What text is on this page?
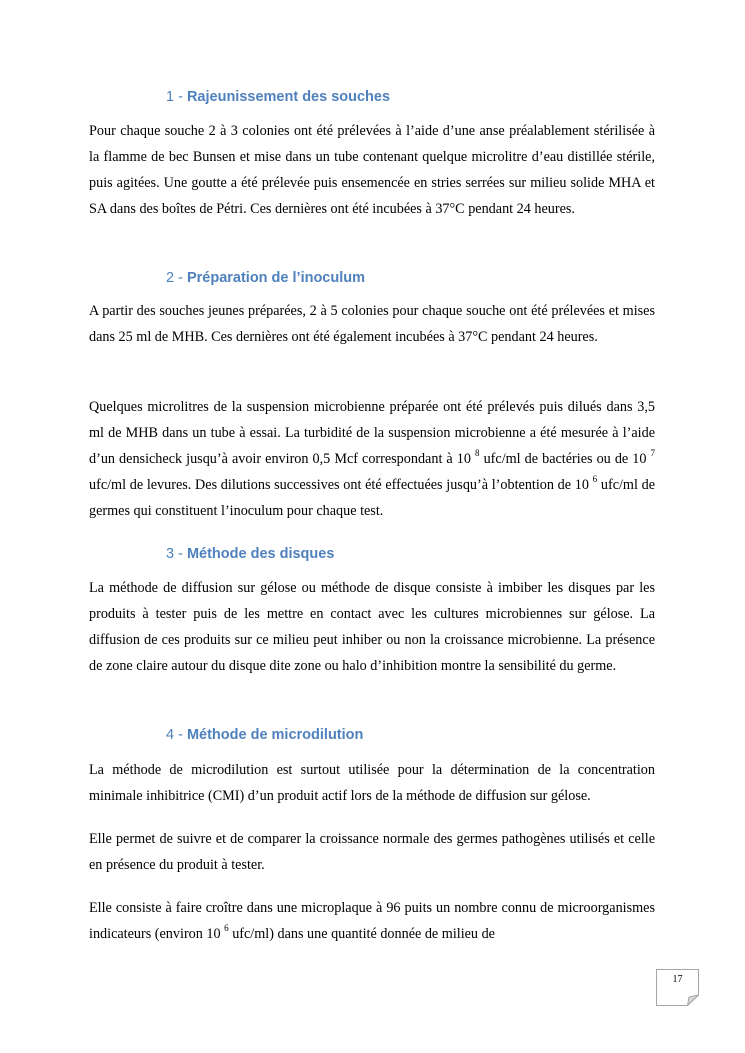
1 - Rajeunissement des souches

Pour chaque souche 2 à 3 colonies ont été prélevées à l’aide d’une anse préalablement stérilisée à la flamme de bec Bunsen et mise dans un tube contenant quelque microlitre d’eau distillée stérile, puis agitées. Une goutte a été prélevée puis ensemencée en stries serrées sur milieu solide MHA et SA dans des boîtes de Pétri. Ces dernières ont été incubées à 37°C pendant 24 heures.

2 - Préparation de l’inoculum

A partir des souches jeunes préparées, 2 à 5 colonies pour chaque souche ont été prélevées et mises dans 25 ml de MHB. Ces dernières ont été également incubées à 37°C pendant 24 heures.

Quelques microlitres de la suspension microbienne préparée ont été prélevés puis dilués dans 3,5 ml de MHB dans un tube à essai. La turbidité de la suspension microbienne a été mesurée à l’aide d’un densicheck jusqu’à avoir environ 0,5 Mcf correspondant à 10 $^8$ ufc/ml de bactéries ou de 10 $^7$ ufc/ml de levures. Des dilutions successives ont été effectuées jusqu’à l’obtention de 10 $^6$ ufc/ml de germes qui constituent l’inoculum pour chaque test.

3 - Méthode des disques

La méthode de diffusion sur gélose ou méthode de disque consiste à imbiber les disques par les produits à tester puis de les mettre en contact avec les cultures microbiennes sur gélose. La diffusion de ces produits sur ce milieu peut inhiber ou non la croissance microbienne. La présence de zone claire autour du disque dite zone ou halo d’inhibition montre la sensibilité du germe.

4 - Méthode de microdilution

La méthode de microdilution est surtout utilisée pour la détermination de la concentration minimale inhibitrice (CMI) d’un produit actif lors de la méthode de diffusion sur gélose.

Elle permet de suivre et de comparer la croissance normale des germes pathogènes utilisés et celle en présence du produit à tester.

Elle consiste à faire croître dans une microplaque à 96 puits un nombre connu de microorganismes indicateurs (environ 10 $^6$ ufc/ml) dans une quantité donnée de milieu de

17
